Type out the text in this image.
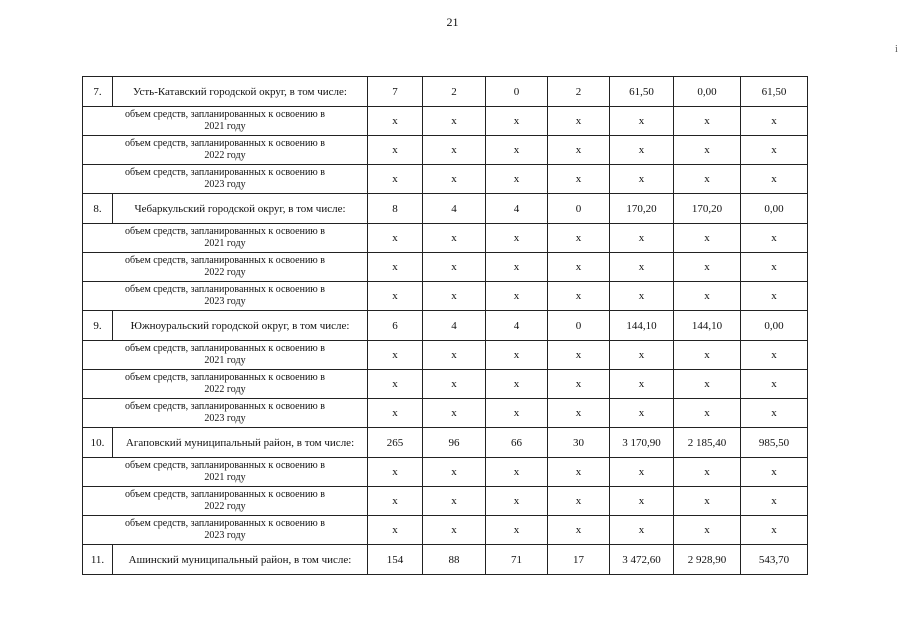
21
i
7.	Усть-Катавский городской округ, в том числе:	7	2	0	2	61,50	0,00	61,50

объем средств, запланированных к освоению в
2021 году		x	x	x	x	x	x	x

объем средств, запланированных к освоению в
2022 году		x	x	x	x	x	x	x

объем средств, запланированных к освоению в
2023 году		x	x	x	x	x	x	x
8.	Чебаркульский городской округ, в том числе:	8	4	4	0	170,20	170,20	0,00

объем средств, запланированных к освоению в
2021 году		x	x	x	x	x	x	x

объем средств, запланированных к освоению в
2022 году		x	x	x	x	x	x	x

объем средств, запланированных к освоению в
2023 году		x	x	x	x	x	x	x
9.	Южноуральский городской округ, в том числе:	6	4	4	0	144,10	144,10	0,00

объем средств, запланированных к освоению в
2021 году		x	x	x	x	x	x	x

объем средств, запланированных к освоению в
2022 году		x	x	x	x	x	x	x

объем средств, запланированных к освоению в
2023 году		x	x	x	x	x	x	x
10.	Агаповский муниципальный район, в том числе:	265	96	66	30	3 170,90	2 185,40	985,50

объем средств, запланированных к освоению в
2021 году		x	x	x	x	x	x	x

объем средств, запланированных к освоению в
2022 году		x	x	x	x	x	x	x

объем средств, запланированных к освоению в
2023 году		x	x	x	x	x	x	x
11.	Ашинский муниципальный район, в том числе:	154	88	71	17	3 472,60	2 928,90	543,70
